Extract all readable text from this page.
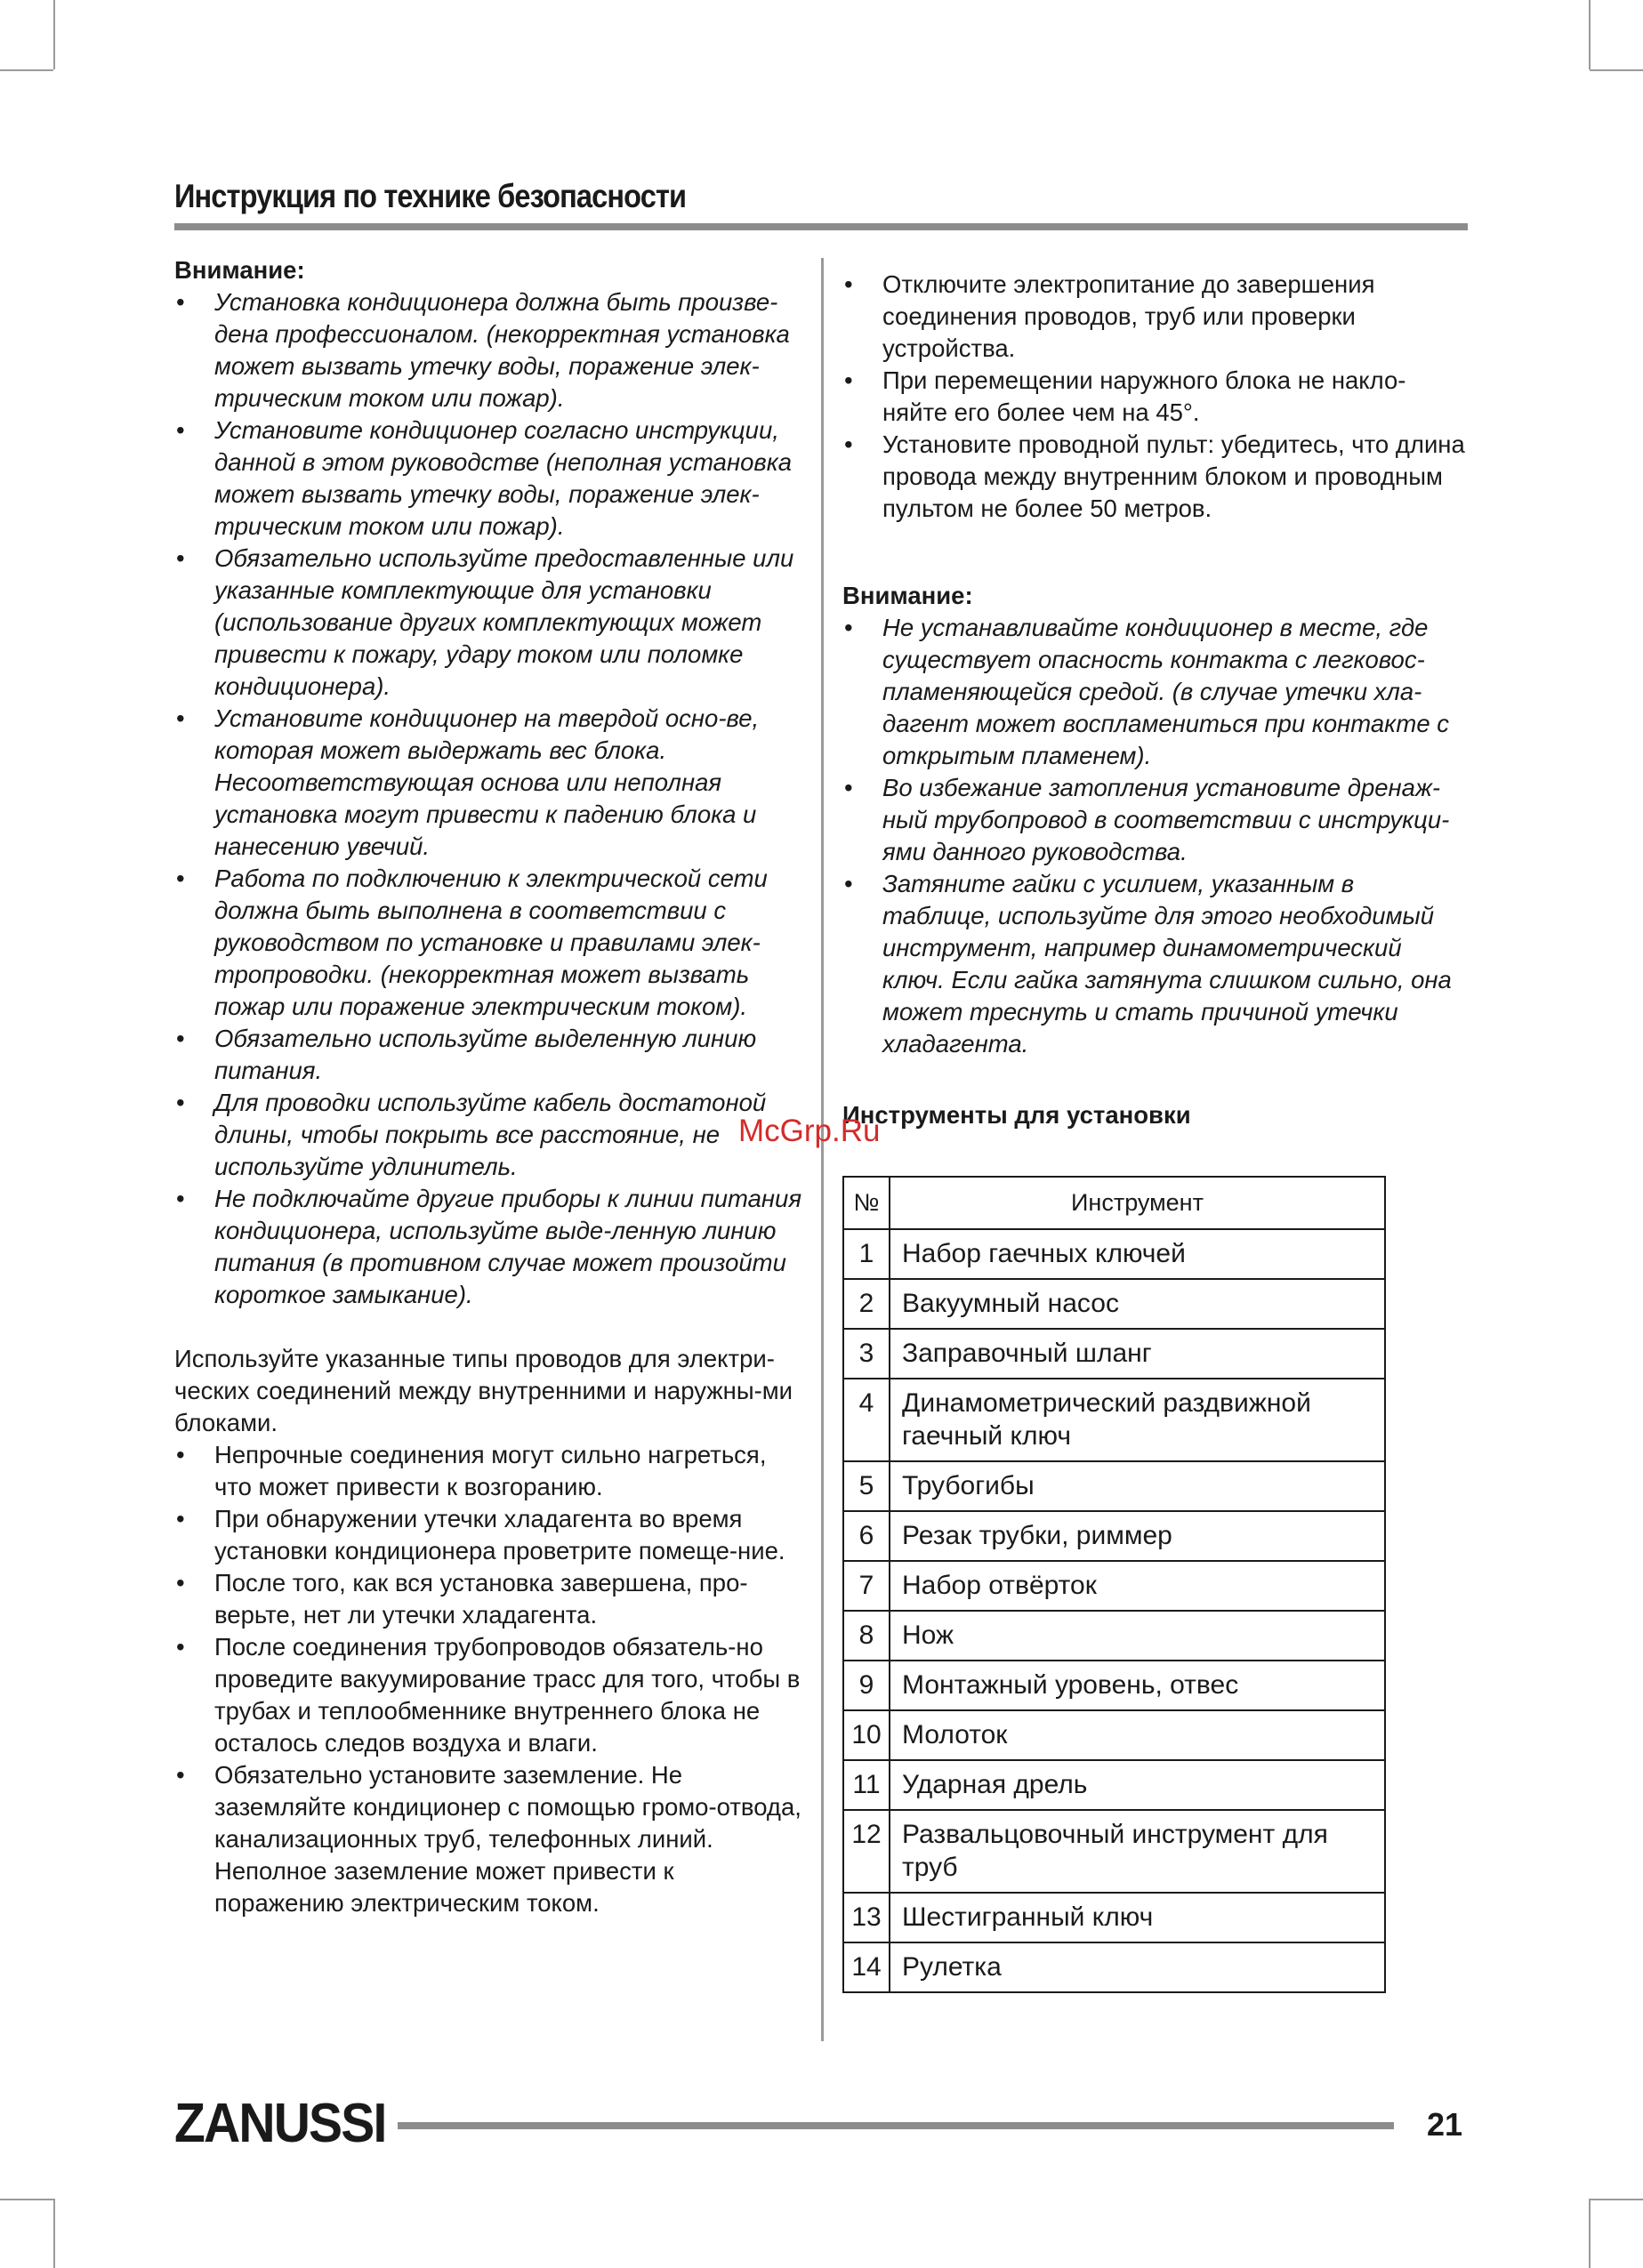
Инструкция по технике безопасности

Внимание:

• Установка кондиционера должна быть произве-дена профессионалом. (некорректная установка может вызвать утечку воды, поражение элек-трическим током или пожар).
• Установите кондиционер согласно инструкции, данной в этом руководстве (неполная установка может вызвать утечку воды, поражение элек-трическим током или пожар).
• Обязательно используйте предоставленные или указанные комплектующие для установки (использование других комплектующих может привести к пожару, удару током или поломке кондиционера).
• Установите кондиционер на твердой осно-ве, которая может выдержать вес блока. Несоответствующая основа или неполная установка могут привести к падению блока и нанесению увечий.
• Работа по подключению к электрической сети должна быть выполнена в соответствии с руководством по установке и правилами элек-тропроводки. (некорректная может вызвать пожар или поражение электрическим током).
• Обязательно используйте выделенную линию питания.
• Для проводки используйте кабель достатоной длины, чтобы покрыть все расстояние, не используйте удлинитель.
• Не подключайте другие приборы к линии питания кондиционера, используйте выде-ленную линию питания (в противном случае может произойти короткое замыкание).

Используйте указанные типы проводов для электри-ческих соединений между внутренними и наружны-ми блоками.

• Непрочные соединения могут сильно нагреться, что может привести к возгоранию.
• При обнаружении утечки хладагента во время установки кондиционера проветрите помеще-ние.
• После того, как вся установка завершена, про-верьте, нет ли утечки хладагента.
• После соединения трубопроводов обязатель-но проведите вакуумирование трасс для того, чтобы в трубах и теплообменнике внутреннего блока не осталось следов воздуха и влаги.
• Обязательно установите заземление. Не заземляйте кондиционер с помощью громо-отвода, канализационных труб, телефонных линий. Неполное заземление может привести к поражению электрическим током.
• Отключите электропитание до завершения соединения проводов, труб или проверки устройства.
• При перемещении наружного блока не накло-няйте его более чем на 45°.
• Установите проводной пульт: убедитесь, что длина провода между внутренним блоком и проводным пультом не более 50 метров.

Внимание:

• Не устанавливайте кондиционер в месте, где существует опасность контакта с легковос-пламеняющейся средой. (в случае утечки хла-дагент может воспламениться при контакте с открытым пламенем).
• Во избежание затопления установите дренаж-ный трубопровод в соответствии с инструкци-ями данного руководства.
• Затяните гайки с усилием, указанным в таблице, используйте для этого необходимый инструмент, например динамометрический ключ. Если гайка затянута слишком сильно, она может треснуть и стать причиной утечки хладагента.
Инструменты для установки
№	Инструмент
1	Набор гаечных ключей
2	Вакуумный насос
3	Заправочный шланг
4	Динамометрический раздвижной гаечный ключ
5	Трубогибы
6	Резак трубки, риммер
7	Набор отвёрток
8	Нож
9	Монтажный уровень, отвес
10	Молоток
11	Ударная дрель
12	Развальцовочный инструмент для труб
13	Шестигранный ключ
14	Рулетка
McGrp.Ru
ZANUSSI	21
